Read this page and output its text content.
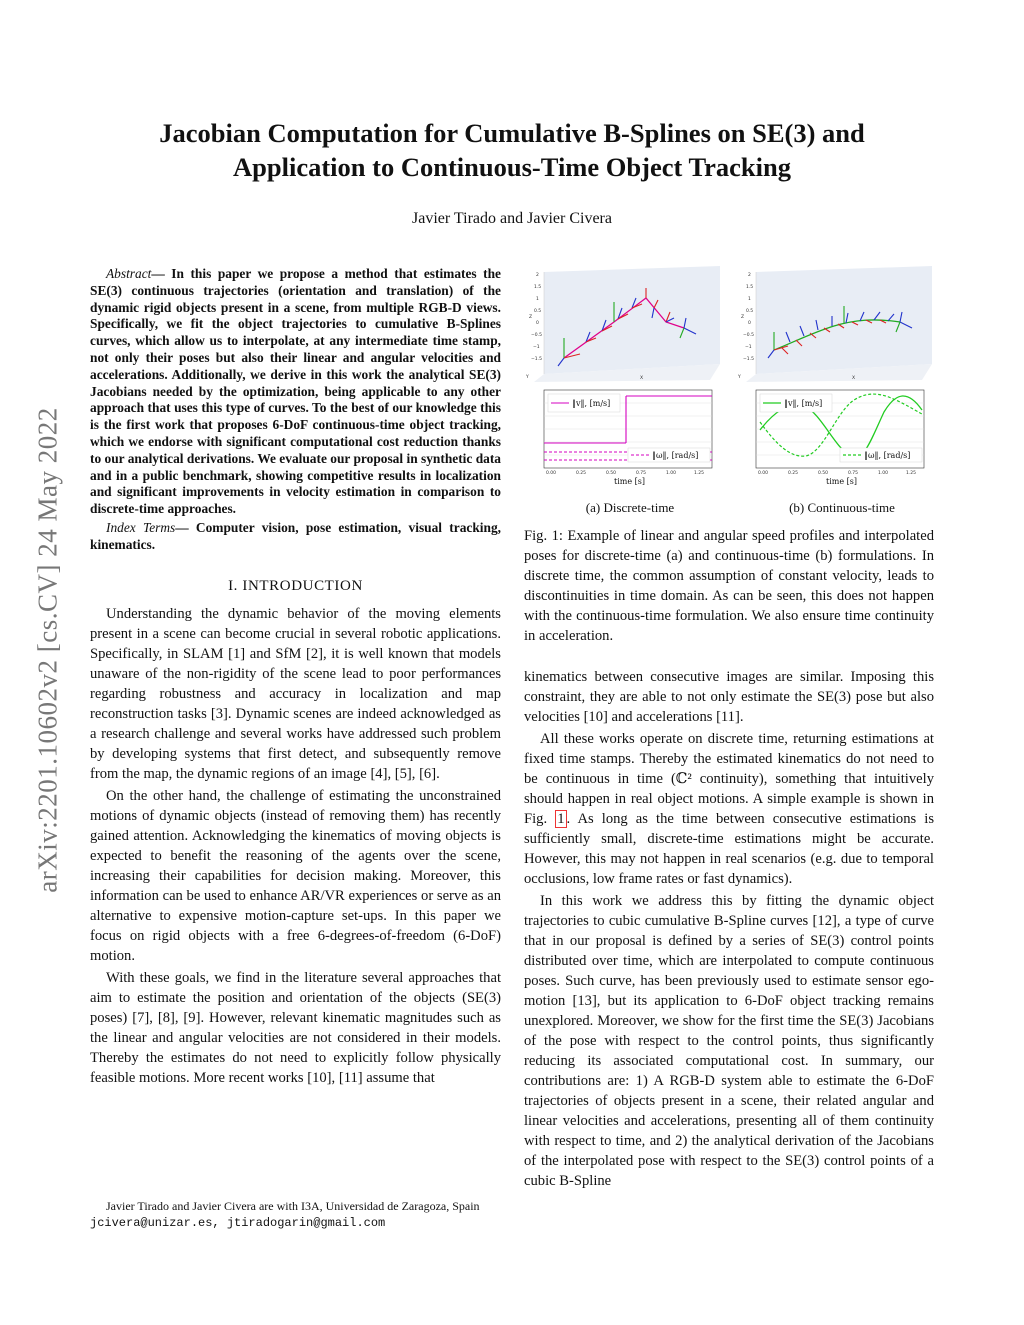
arXiv:2201.10602v2 [cs.CV] 24 May 2022
Jacobian Computation for Cumulative B-Splines on SE(3) and
Application to Continuous-Time Object Tracking
Javier Tirado and Javier Civera

Abstract— In this paper we propose a method that estimates the SE(3) continuous trajectories (orientation and translation) of the dynamic rigid objects present in a scene, from multiple RGB-D views. Specifically, we fit the object trajectories to cumulative B-Splines curves, which allow us to interpolate, at any intermediate time stamp, not only their poses but also their linear and angular velocities and accelerations. Additionally, we derive in this work the analytical SE(3) Jacobians needed by the optimization, being applicable to any other approach that uses this type of curves. To the best of our knowledge this is the first work that proposes 6-DoF continuous-time object tracking, which we endorse with significant computational cost reduction thanks to our analytical derivations. We evaluate our proposal in synthetic data and in a public benchmark, showing competitive results in localization and significant improvements in velocity estimation in comparison to discrete-time approaches.

Index Terms— Computer vision, pose estimation, visual tracking, kinematics.

I. INTRODUCTION

Understanding the dynamic behavior of the moving elements present in a scene can become crucial in several robotic applications. Specifically, in SLAM [1] and SfM [2], it is well known that models unaware of the non-rigidity of the scene lead to poor performances regarding robustness and accuracy in localization and map reconstruction tasks [3]. Dynamic scenes are indeed acknowledged as a research challenge and several works have addressed such problem by developing systems that first detect, and subsequently remove from the map, the dynamic regions of an image [4], [5], [6].

On the other hand, the challenge of estimating the unconstrained motions of dynamic objects (instead of removing them) has recently gained attention. Acknowledging the kinematics of moving objects is expected to benefit the reasoning of the agents over the scene, increasing their capabilities for decision making. Moreover, this information can be used to enhance AR/VR experiences or serve as an alternative to expensive motion-capture set-ups. In this paper we focus on rigid objects with a free 6-degrees-of-freedom (6-DoF) motion.

With these goals, we find in the literature several approaches that aim to estimate the position and orientation of the objects (SE(3) poses) [7], [8], [9]. However, relevant kinematic magnitudes such as the linear and angular velocities are not considered in their models. Thereby the estimates do not need to explicitly follow physically feasible motions. More recent works [10], [11] assume that

Javier Tirado and Javier Civera are with I3A, Universidad de Zaragoza, Spain jcivera@unizar.es, jtiradogarin@gmail.com

2
1.5
1
0.5
0
−0.5
−1
−1.5
Z
Y	X
2
1.5
1
0.5
0
−0.5
−1
−1.5
Z
Y	X
‖v‖, [m/s]
‖ω‖, [rad/s]
0.00	0.25	0.50	0.75	1.00	1.25
time [s]
‖v‖, [m/s]
‖ω‖, [rad/s]
0.00	0.25	0.50	0.75	1.00	1.25
time [s]
(a) Discrete-time	(b) Continuous-time
Fig. 1: Example of linear and angular speed profiles and interpolated poses for discrete-time (a) and continuous-time (b) formulations. In discrete time, the common assumption of constant velocity, leads to discontinuities in time domain. As can be seen, this does not happen with the continuous-time formulation. We also ensure time continuity in acceleration.

kinematics between consecutive images are similar. Imposing this constraint, they are able to not only estimate the SE(3) pose but also velocities [10] and accelerations [11].

All these works operate on discrete time, returning estimations at fixed time stamps. Thereby the estimated kinematics do not need to be continuous in time (ℂ² continuity), something that intuitively should happen in real object motions. A simple example is shown in Fig. 1 . As long as the time between consecutive estimations is sufficiently small, discrete-time estimations might be accurate. However, this may not happen in real scenarios (e.g. due to temporal occlusions, low frame rates or fast dynamics).

In this work we address this by fitting the dynamic object trajectories to cubic cumulative B-Spline curves [12], a type of curve that in our proposal is defined by a series of SE(3) control points distributed over time, which are interpolated to compute continuous poses. Such curve, has been previously used to estimate sensor ego-motion [13], but its application to 6-DoF object tracking remains unexplored. Moreover, we show for the first time the SE(3) Jacobians of the pose with respect to the control points, thus significantly reducing its associated computational cost. In summary, our contributions are: 1) A RGB-D system able to estimate the 6-DoF trajectories of objects present in a scene, their related angular and linear velocities and accelerations, presenting all of them continuity with respect to time, and 2) the analytical derivation of the Jacobians of the interpolated pose with respect to the SE(3) control points of a cubic B-Spline
